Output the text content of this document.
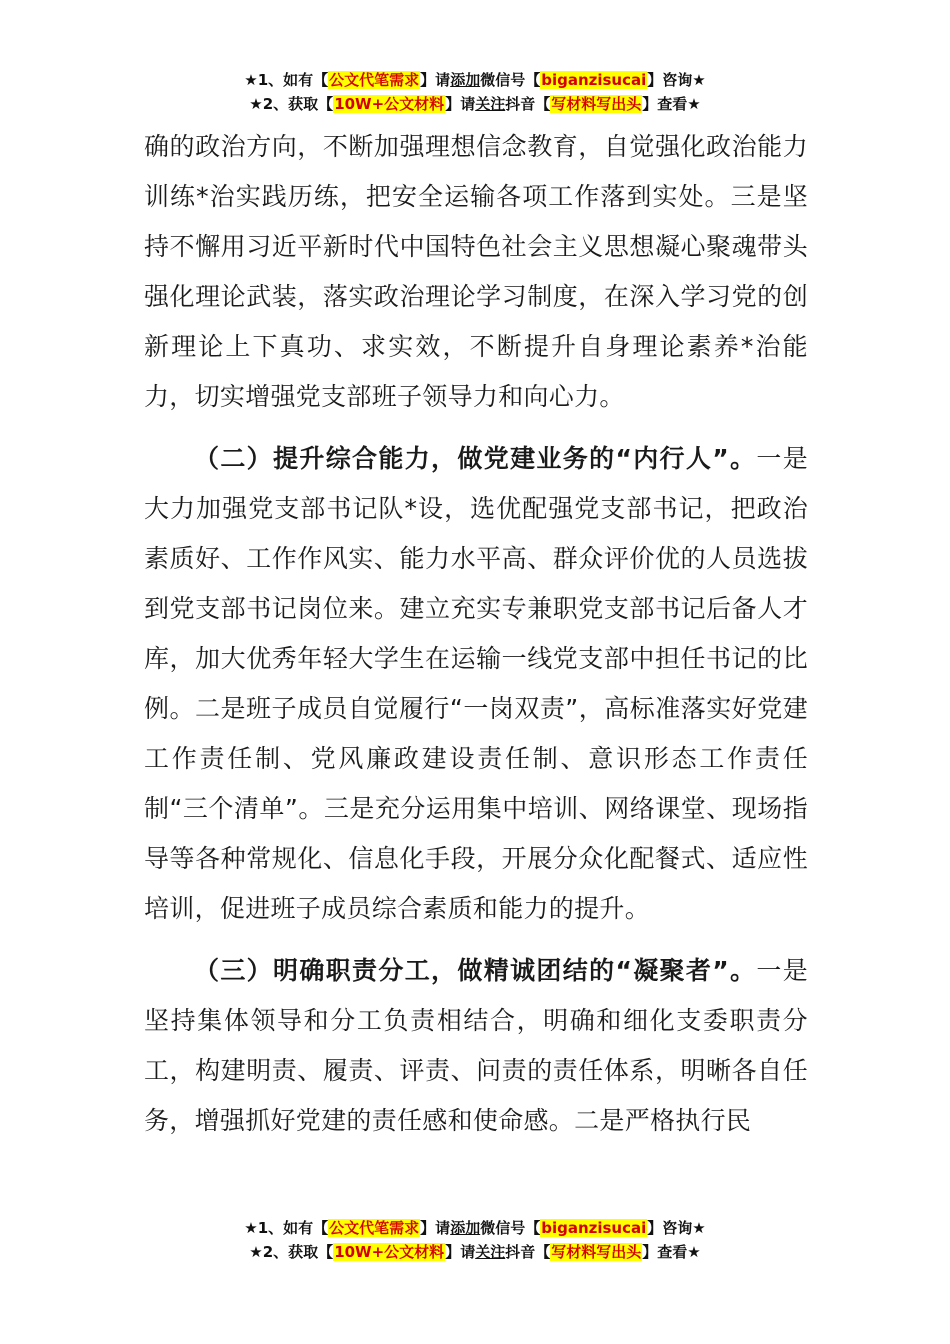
★1、如有【公文代笔需求】请添加微信号【biganzisucai】咨询★
★2、获取【10W+公文材料】请关注抖音【写材料写出头】查看★

确的政治方向，不断加强理想信念教育，自觉强化政治能力训练*治实践历练，把安全运输各项工作落到实处。三是坚持不懈用习近平新时代中国特色社会主义思想凝心聚魂带头强化理论武装，落实政治理论学习制度，在深入学习党的创新理论上下真功、求实效，不断提升自身理论素养*治能力，切实增强党支部班子领导力和向心力。

（二）提升综合能力，做党建业务的“内行人”。一是大力加强党支部书记队*设，选优配强党支部书记，把政治素质好、工作作风实、能力水平高、群众评价优的人员选拔到党支部书记岗位来。建立充实专兼职党支部书记后备人才库，加大优秀年轻大学生在运输一线党支部中担任书记的比例。二是班子成员自觉履行“一岗双责”，高标准落实好党建工作责任制、党风廉政建设责任制、意识形态工作责任制“三个清单”。三是充分运用集中培训、网络课堂、现场指导等各种常规化、信息化手段，开展分众化配餐式、适应性培训，促进班子成员综合素质和能力的提升。

（三）明确职责分工，做精诚团结的“凝聚者”。一是坚持集体领导和分工负责相结合，明确和细化支委职责分工，构建明责、履责、评责、问责的责任体系，明晰各自任务，增强抓好党建的责任感和使命感。二是严格执行民

★1、如有【公文代笔需求】请添加微信号【biganzisucai】咨询★
★2、获取【10W+公文材料】请关注抖音【写材料写出头】查看★
